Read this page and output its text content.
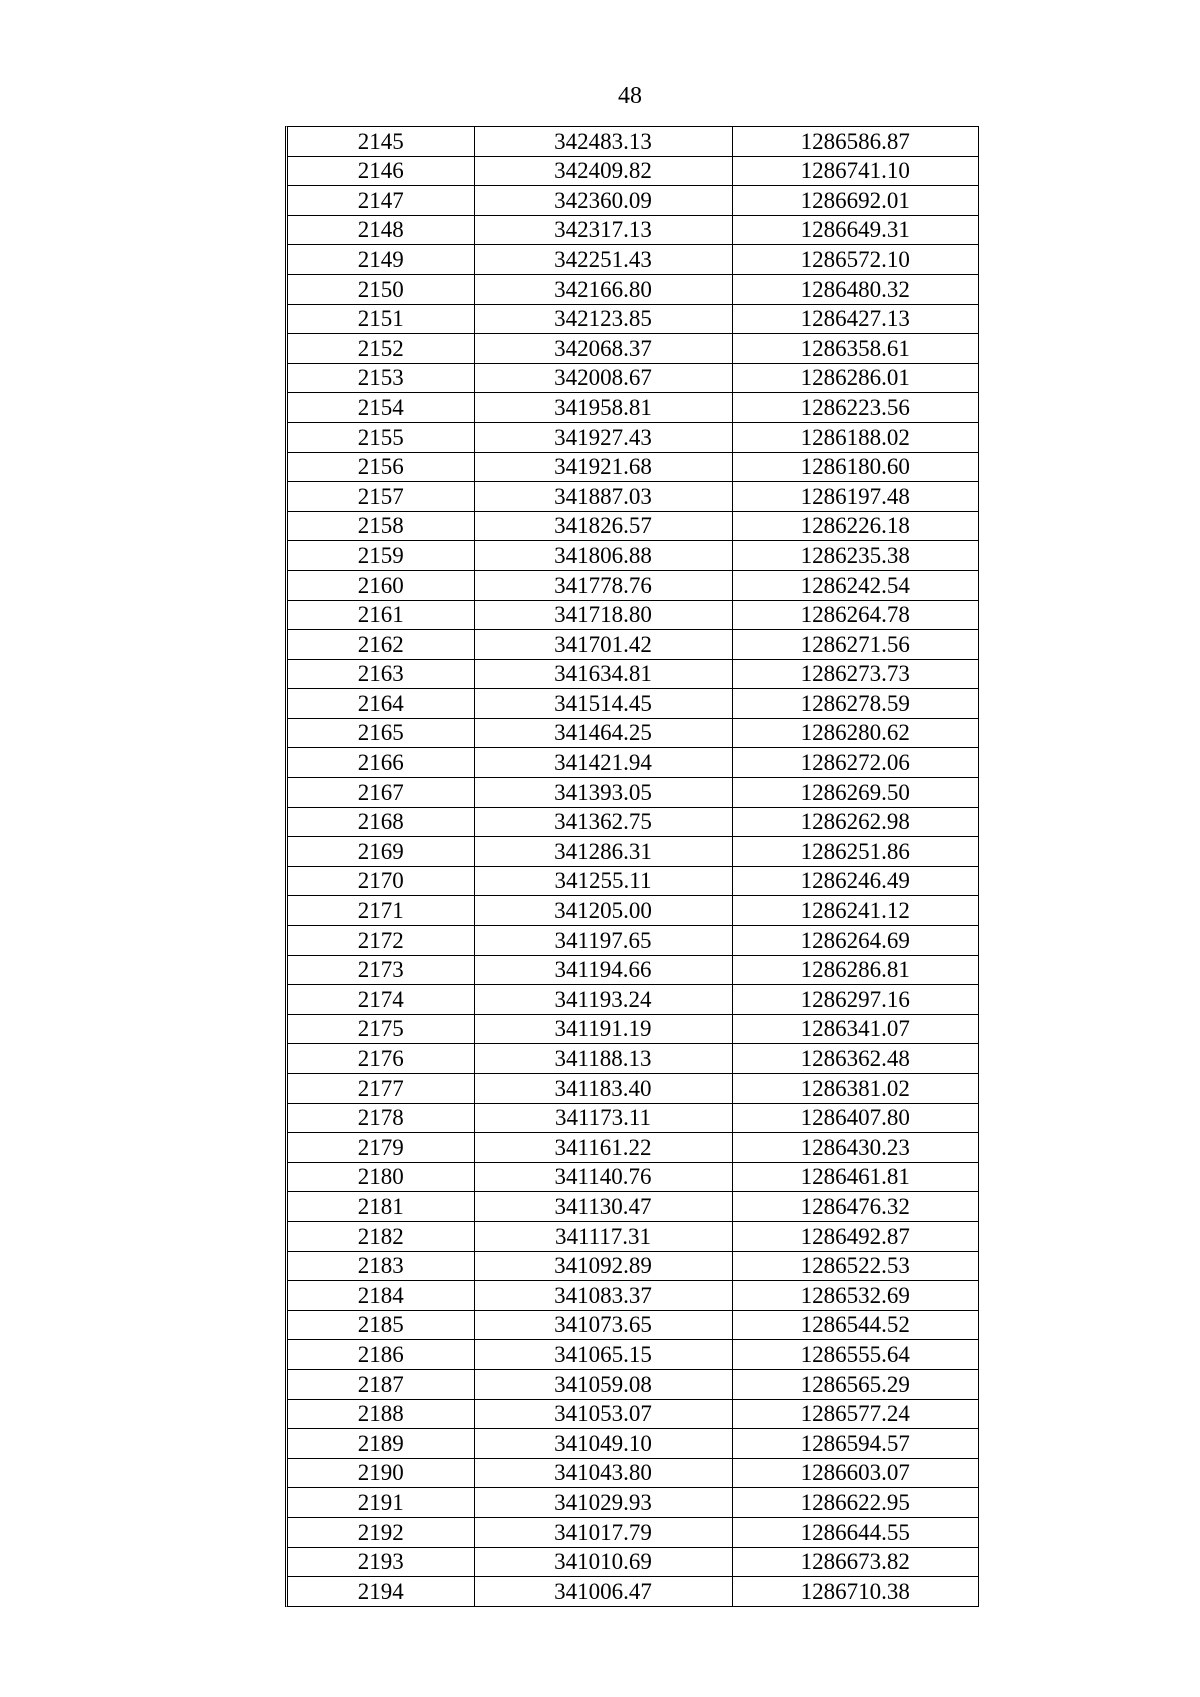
48
2145	342483.13	1286586.87
2146	342409.82	1286741.10
2147	342360.09	1286692.01
2148	342317.13	1286649.31
2149	342251.43	1286572.10
2150	342166.80	1286480.32
2151	342123.85	1286427.13
2152	342068.37	1286358.61
2153	342008.67	1286286.01
2154	341958.81	1286223.56
2155	341927.43	1286188.02
2156	341921.68	1286180.60
2157	341887.03	1286197.48
2158	341826.57	1286226.18
2159	341806.88	1286235.38
2160	341778.76	1286242.54
2161	341718.80	1286264.78
2162	341701.42	1286271.56
2163	341634.81	1286273.73
2164	341514.45	1286278.59
2165	341464.25	1286280.62
2166	341421.94	1286272.06
2167	341393.05	1286269.50
2168	341362.75	1286262.98
2169	341286.31	1286251.86
2170	341255.11	1286246.49
2171	341205.00	1286241.12
2172	341197.65	1286264.69
2173	341194.66	1286286.81
2174	341193.24	1286297.16
2175	341191.19	1286341.07
2176	341188.13	1286362.48
2177	341183.40	1286381.02
2178	341173.11	1286407.80
2179	341161.22	1286430.23
2180	341140.76	1286461.81
2181	341130.47	1286476.32
2182	341117.31	1286492.87
2183	341092.89	1286522.53
2184	341083.37	1286532.69
2185	341073.65	1286544.52
2186	341065.15	1286555.64
2187	341059.08	1286565.29
2188	341053.07	1286577.24
2189	341049.10	1286594.57
2190	341043.80	1286603.07
2191	341029.93	1286622.95
2192	341017.79	1286644.55
2193	341010.69	1286673.82
2194	341006.47	1286710.38
